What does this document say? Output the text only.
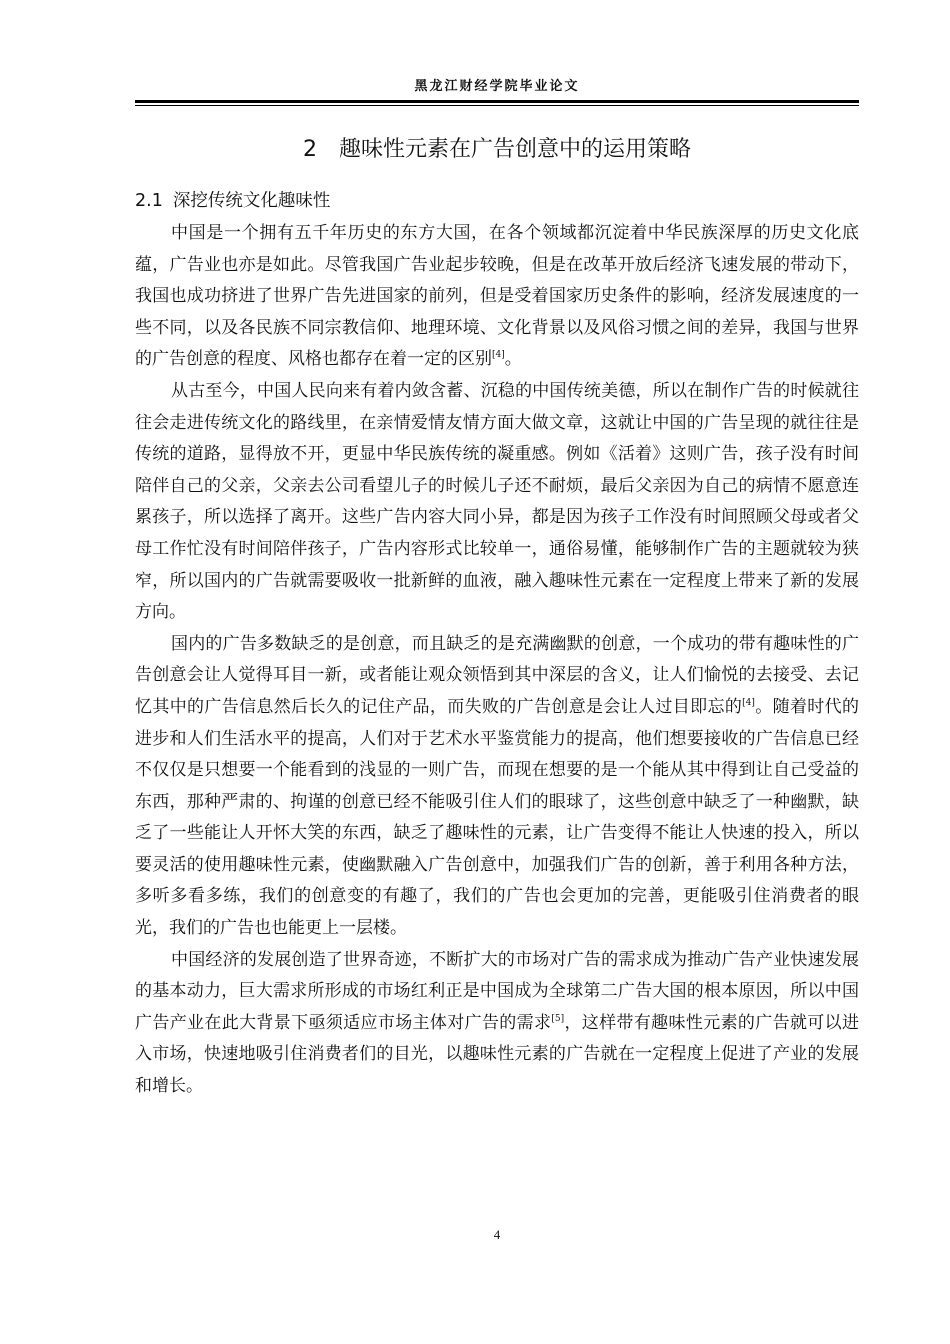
黑龙江财经学院毕业论文
2 趣味性元素在广告创意中的运用策略
2.1 深挖传统文化趣味性

中国是一个拥有五千年历史的东方大国，在各个领域都沉淀着中华民族深厚的历史文化底蕴，广告业也亦是如此。尽管我国广告业起步较晚，但是在改革开放后经济飞速发展的带动下，我国也成功挤进了世界广告先进国家的前列，但是受着国家历史条件的影响，经济发展速度的一些不同，以及各民族不同宗教信仰、地理环境、文化背景以及风俗习惯之间的差异，我国与世界的广告创意的程度、风格也都存在着一定的区别[4]。

从古至今，中国人民向来有着内敛含蓄、沉稳的中国传统美德，所以在制作广告的时候就往往会走进传统文化的路线里，在亲情爱情友情方面大做文章，这就让中国的广告呈现的就往往是传统的道路，显得放不开，更显中华民族传统的凝重感。例如《活着》这则广告，孩子没有时间陪伴自己的父亲，父亲去公司看望儿子的时候儿子还不耐烦，最后父亲因为自己的病情不愿意连累孩子，所以选择了离开。这些广告内容大同小异，都是因为孩子工作没有时间照顾父母或者父母工作忙没有时间陪伴孩子，广告内容形式比较单一，通俗易懂，能够制作广告的主题就较为狭窄，所以国内的广告就需要吸收一批新鲜的血液，融入趣味性元素在一定程度上带来了新的发展方向。

国内的广告多数缺乏的是创意，而且缺乏的是充满幽默的创意，一个成功的带有趣味性的广告创意会让人觉得耳目一新，或者能让观众领悟到其中深层的含义，让人们愉悦的去接受、去记忆其中的广告信息然后长久的记住产品，而失败的广告创意是会让人过目即忘的[4]。随着时代的进步和人们生活水平的提高，人们对于艺术水平鉴赏能力的提高，他们想要接收的广告信息已经不仅仅是只想要一个能看到的浅显的一则广告，而现在想要的是一个能从其中得到让自己受益的东西，那种严肃的、拘谨的创意已经不能吸引住人们的眼球了，这些创意中缺乏了一种幽默，缺乏了一些能让人开怀大笑的东西，缺乏了趣味性的元素，让广告变得不能让人快速的投入，所以要灵活的使用趣味性元素，使幽默融入广告创意中，加强我们广告的创新，善于利用各种方法，多听多看多练，我们的创意变的有趣了，我们的广告也会更加的完善，更能吸引住消费者的眼光，我们的广告也也能更上一层楼。

中国经济的发展创造了世界奇迹，不断扩大的市场对广告的需求成为推动广告产业快速发展的基本动力，巨大需求所形成的市场红利正是中国成为全球第二广告大国的根本原因，所以中国广告产业在此大背景下亟须适应市场主体对广告的需求[5]，这样带有趣味性元素的广告就可以进入市场，快速地吸引住消费者们的目光，以趣味性元素的广告就在一定程度上促进了产业的发展和增长。

4
